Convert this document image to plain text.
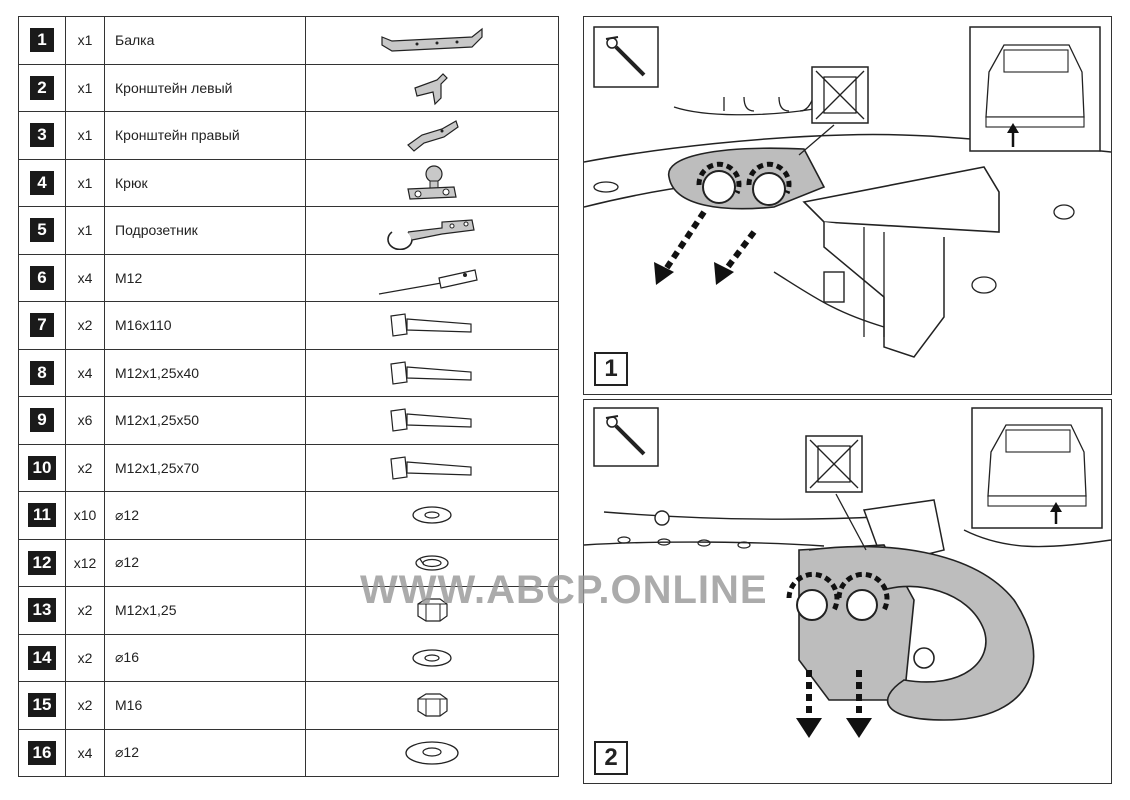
1	x1	Балка	

2	x1	Кронштейн левый	

3	x1	Кронштейн правый	

4	x1	Крюк	

5	x1	Подрозетник	

6	x4	M12	

7	x2	M16x110	

8	x4	M12x1,25x40	

9	x6	M12x1,25x50	

10	x2	M12x1,25x70	

11	x10	⌀12	

12	x12	⌀12	

13	x2	M12x1,25	

14	x2	⌀16	

15	x2	M16	

16	x4	⌀12	
1
2
WWW.ABCP.ONLINE
